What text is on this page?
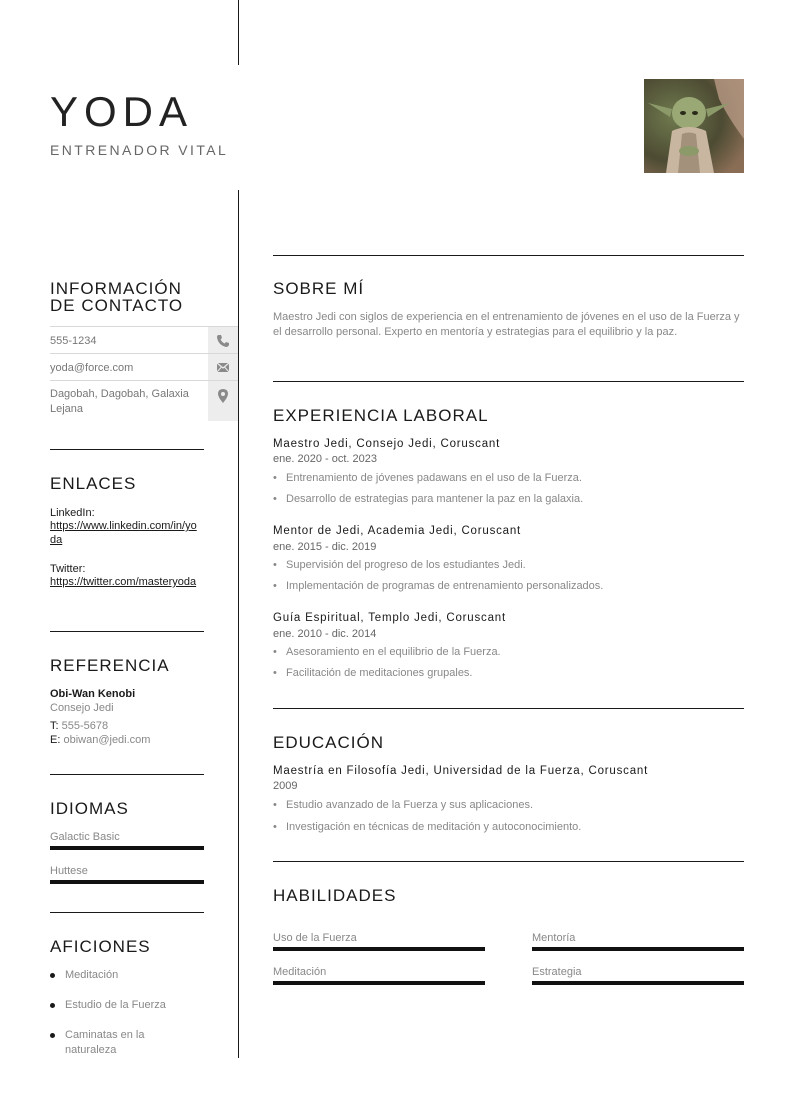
YODA
ENTRENADOR VITAL
INFORMACIÓN
DE CONTACTO
555-1234
yoda@force.com
Dagobah, Dagobah, Galaxia Lejana
ENLACES
LinkedIn:
https://www.linkedin.com/in/yoda
Twitter:
https://twitter.com/masteryoda
REFERENCIA
Obi-Wan Kenobi
Consejo Jedi
T: 555-5678
E: obiwan@jedi.com
IDIOMAS
Galactic Basic
Huttese
AFICIONES
Meditación
Estudio de la Fuerza
Caminatas en la naturaleza
SOBRE MÍ
Maestro Jedi con siglos de experiencia en el entrenamiento de jóvenes en el uso de la Fuerza y el desarrollo personal. Experto en mentoría y estrategias para el equilibrio y la paz.
EXPERIENCIA LABORAL
Maestro Jedi, Consejo Jedi, Coruscant
ene. 2020 - oct. 2023
• Entrenamiento de jóvenes padawans en el uso de la Fuerza.
• Desarrollo de estrategias para mantener la paz en la galaxia.
Mentor de Jedi, Academia Jedi, Coruscant
ene. 2015 - dic. 2019
• Supervisión del progreso de los estudiantes Jedi.
• Implementación de programas de entrenamiento personalizados.
Guía Espiritual, Templo Jedi, Coruscant
ene. 2010 - dic. 2014
• Asesoramiento en el equilibrio de la Fuerza.
• Facilitación de meditaciones grupales.
EDUCACIÓN
Maestría en Filosofía Jedi, Universidad de la Fuerza, Coruscant
2009
• Estudio avanzado de la Fuerza y sus aplicaciones.
• Investigación en técnicas de meditación y autoconocimiento.
HABILIDADES
Uso de la Fuerza	Mentoría
Meditación	Estrategia
